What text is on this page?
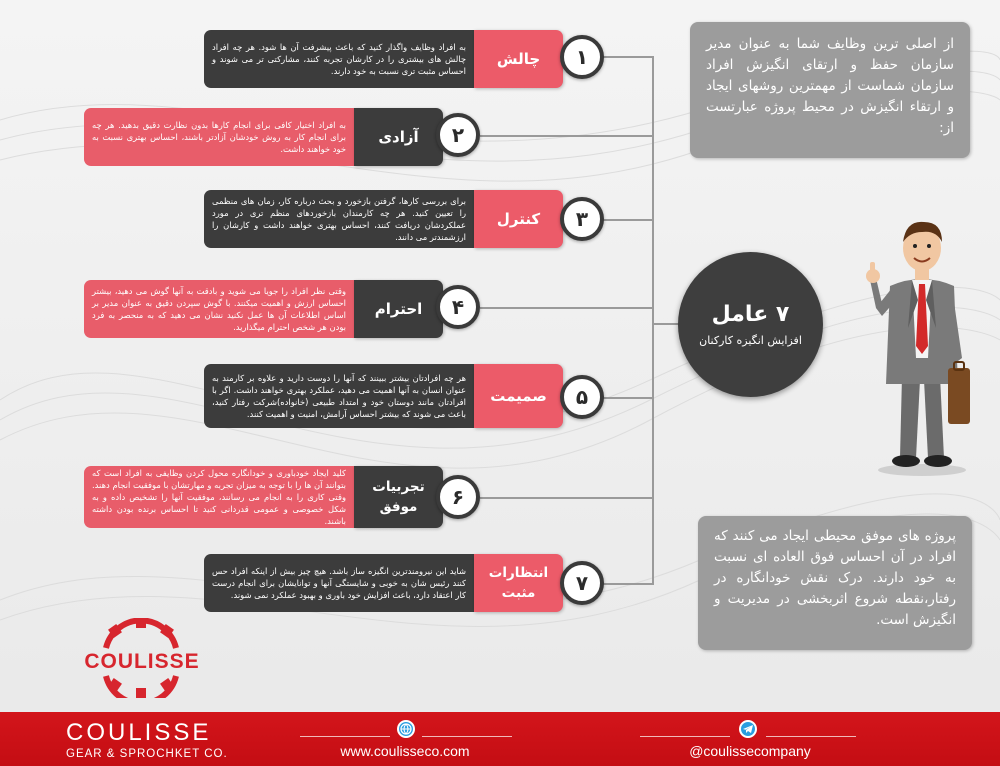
به افراد وظایف واگذار کنید که باعث پیشرفت آن ها شود. هر چه افراد چالش های بیشتری را در کارشان تجربه کنند، مشارکتی تر می شوند و احساس مثبت تری نسبت به خود دارند.
چالش	۱
به افراد اختیار کافی برای انجام کارها بدون نظارت دقیق بدهید. هر چه برای انجام کار به روش خودشان آزادتر باشند، احساس بهتری نسبت به خود خواهند داشت.
آزادی	۲
برای بررسی کارها، گرفتن بازخورد و بحث درباره کار، زمان های منظمی را تعیین کنید. هر چه کارمندان بازخوردهای منظم تری در مورد عملکردشان دریافت کنند، احساس بهتری خواهند داشت و کارشان را ارزشمندتر می دانند.
کنترل	۳
وقتی نظر افراد را جویا می شوید و بادقت به آنها گوش می دهید، بیشتر احساس ارزش و اهمیت میکنند. با گوش سپردن دقیق به عنوان مدیر بر اساس اطلاعات آن ها عمل نکنید نشان می دهید که به منحصر به فرد بودن هر شخص احترام میگذارید.
احترام	۴
هر چه افرادتان بیشتر ببینند که آنها را دوست دارید و علاوه بر کارمند به عنوان انسان به آنها اهمیت می دهید، عملکرد بهتری خواهند داشت. اگر با افرادتان مانند دوستان خود و امتداد طبیعی (خانواده)شرکت رفتار کنید، باعث می شوند که بیشتر احساس آرامش، امنیت و اهمیت کنند.
صمیمت	۵
کلید ایجاد خودباوری و خودانگاره محول کردن وظایفی به افراد است که بتوانند آن ها را با توجه به میزان تجربه و مهارتشان با موفقیت انجام دهند. وقتی کاری را به انجام می رسانند، موفقیت آنها را تشخیص داده و به شکل خصوصی و عمومی قدردانی کنید تا احساس برنده بودن داشته باشند.
تجربیات موفق	۶
شاید این نیرومندترین انگیزه ساز باشد. هیچ چیز بیش از اینکه افراد حس کنند رئیس شان به خوبی و شایستگی آنها و توانایشان برای انجام درست کار اعتقاد دارد، باعث افزایش خود باوری و بهبود عملکرد نمی شوند.
انتظارات مثبت	۷
۷ عامل
افزایش انگیزه کارکنان
از اصلی ترین وظایف شما به عنوان مدیر سازمان حفظ و ارتقای انگیزش افراد سازمان شماست از مهمترین روشهای ایجاد و ارتقاء انگیزش در محیط پروژه عبارتست از:
پروژه های موفق محیطی ایجاد می کنند که افراد در آن احساس فوق العاده ای نسبت به خود دارند. درک نقش خودانگاره در رفتار،نقطه شروع اثربخشی در مدیریت و انگیزش است.
COULISSE
COULISSE
GEAR & SPROCHKET CO.	www.coulisseco.com	@coulissecompany
